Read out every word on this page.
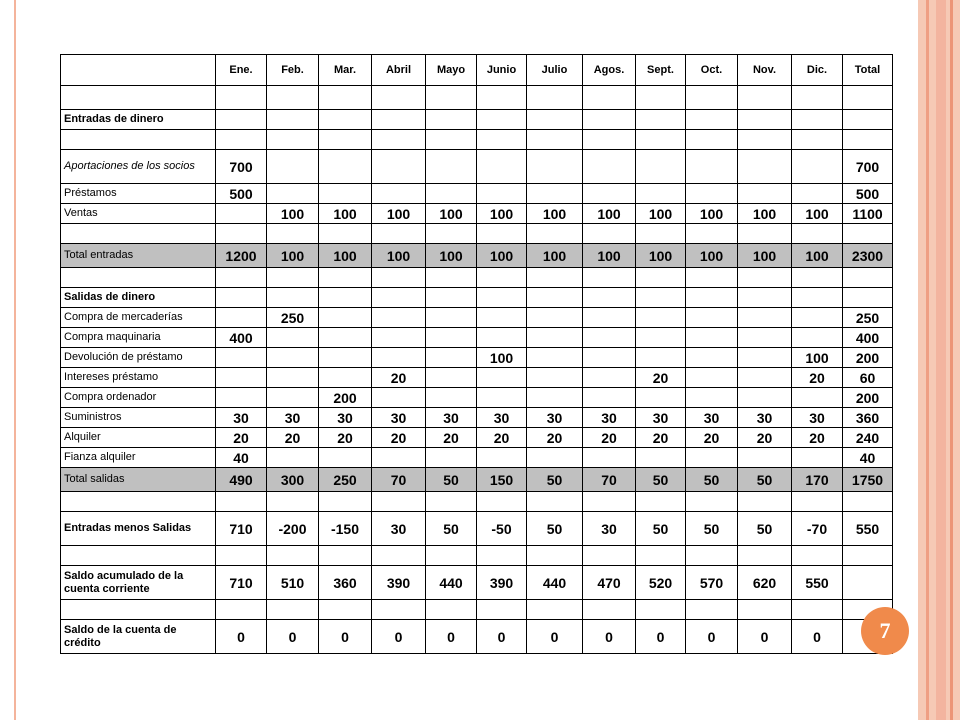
	Ene.	Feb.	Mar.	Abril	Mayo	Junio	Julio	Agos.	Sept.	Oct.	Nov.	Dic.	Total

Entradas de dinero													

Aportaciones de los socios	700												700
Préstamos	500												500
Ventas		100	100	100	100	100	100	100	100	100	100	100	1100

Total entradas	1200	100	100	100	100	100	100	100	100	100	100	100	2300

Salidas de dinero													
Compra de mercaderías		250											250
Compra maquinaria	400												400
Devolución de préstamo						100						100	200
Intereses préstamo				20					20			20	60
Compra ordenador			200										200
Suministros	30	30	30	30	30	30	30	30	30	30	30	30	360
Alquiler	20	20	20	20	20	20	20	20	20	20	20	20	240
Fianza alquiler	40												40
Total salidas	490	300	250	70	50	150	50	70	50	50	50	170	1750

Entradas menos Salidas	710	-200	-150	30	50	-50	50	30	50	50	50	-70	550

Saldo acumulado de la cuenta corriente	710	510	360	390	440	390	440	470	520	570	620	550	

Saldo de la cuenta de crédito	0	0	0	0	0	0	0	0	0	0	0	0		7
